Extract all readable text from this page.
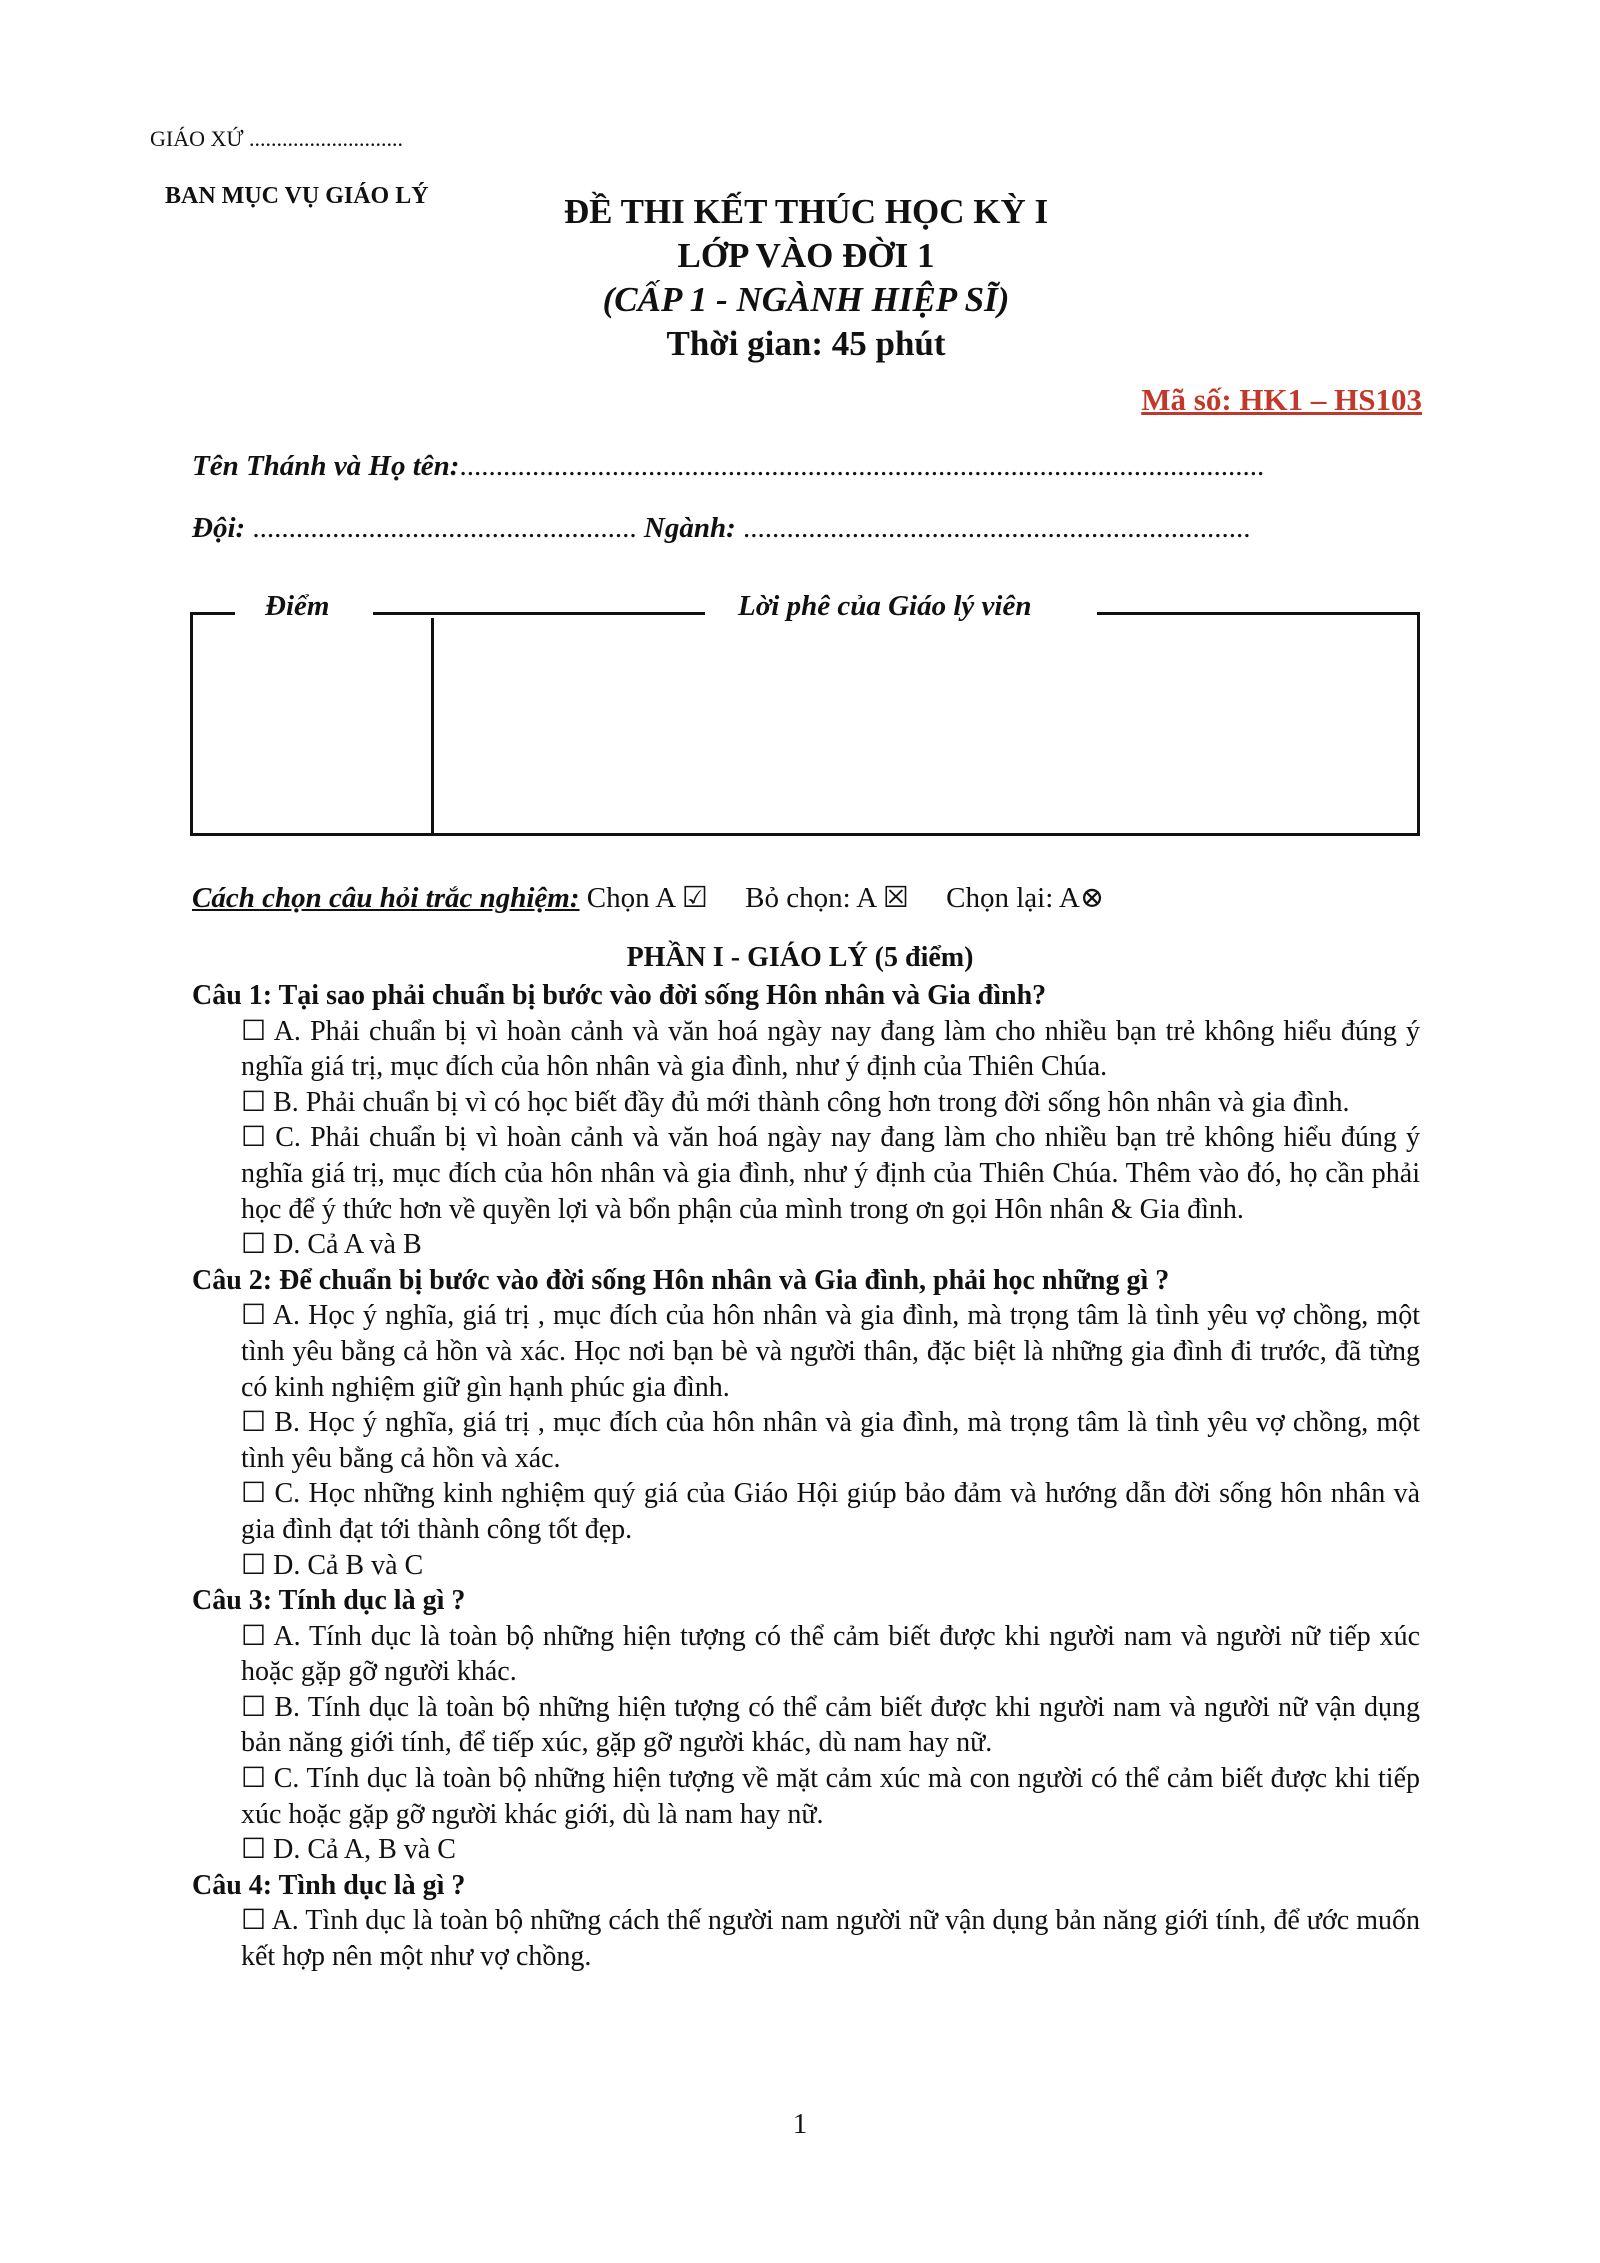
GIÁO XỨ ............................
BAN MỤC VỤ GIÁO LÝ	ĐỀ THI KẾT THÚC HỌC KỲ I
LỚP VÀO ĐỜI 1
(CẤP 1 - NGÀNH HIỆP SĨ)
Thời gian: 45 phút
Mã số: HK1 – HS103
Tên Thánh và Họ tên:...............................................................................................................
Đội: ..................................................... Ngành: ......................................................................
Điểm	Lời phê của Giáo lý viên
Cách chọn câu hỏi trắc nghiệm: Chọn A ☑ Bỏ chọn: A ☒ Chọn lại: A⊗
PHẦN I - GIÁO LÝ (5 điểm)
Câu 1: Tại sao phải chuẩn bị bước vào đời sống Hôn nhân và Gia đình?
☐ A. Phải chuẩn bị vì hoàn cảnh và văn hoá ngày nay đang làm cho nhiều bạn trẻ không hiểu đúng ý nghĩa giá trị, mục đích của hôn nhân và gia đình, như ý định của Thiên Chúa.
☐ B. Phải chuẩn bị vì có học biết đầy đủ mới thành công hơn trong đời sống hôn nhân và gia đình.
☐ C. Phải chuẩn bị vì hoàn cảnh và văn hoá ngày nay đang làm cho nhiều bạn trẻ không hiểu đúng ý nghĩa giá trị, mục đích của hôn nhân và gia đình, như ý định của Thiên Chúa. Thêm vào đó, họ cần phải học để ý thức hơn về quyền lợi và bổn phận của mình trong ơn gọi Hôn nhân & Gia đình.
☐ D. Cả A và B
Câu 2: Để chuẩn bị bước vào đời sống Hôn nhân và Gia đình, phải học những gì ?
☐ A. Học ý nghĩa, giá trị , mục đích của hôn nhân và gia đình, mà trọng tâm là tình yêu vợ chồng, một tình yêu bằng cả hồn và xác. Học nơi bạn bè và người thân, đặc biệt là những gia đình đi trước, đã từng có kinh nghiệm giữ gìn hạnh phúc gia đình.
☐ B. Học ý nghĩa, giá trị , mục đích của hôn nhân và gia đình, mà trọng tâm là tình yêu vợ chồng, một tình yêu bằng cả hồn và xác.
☐ C. Học những kinh nghiệm quý giá của Giáo Hội giúp bảo đảm và hướng dẫn đời sống hôn nhân và gia đình đạt tới thành công tốt đẹp.
☐ D. Cả B và C
Câu 3: Tính dục là gì ?
☐ A. Tính dục là toàn bộ những hiện tượng có thể cảm biết được khi người nam và người nữ tiếp xúc hoặc gặp gỡ người khác.
☐ B. Tính dục là toàn bộ những hiện tượng có thể cảm biết được khi người nam và người nữ vận dụng bản năng giới tính, để tiếp xúc, gặp gỡ người khác, dù nam hay nữ.
☐ C. Tính dục là toàn bộ những hiện tượng về mặt cảm xúc mà con người có thể cảm biết được khi tiếp xúc hoặc gặp gỡ người khác giới, dù là nam hay nữ.
☐ D. Cả A, B và C
Câu 4: Tình dục là gì ?
☐ A. Tình dục là toàn bộ những cách thế người nam người nữ vận dụng bản năng giới tính, để ước muốn kết hợp nên một như vợ chồng.
1
